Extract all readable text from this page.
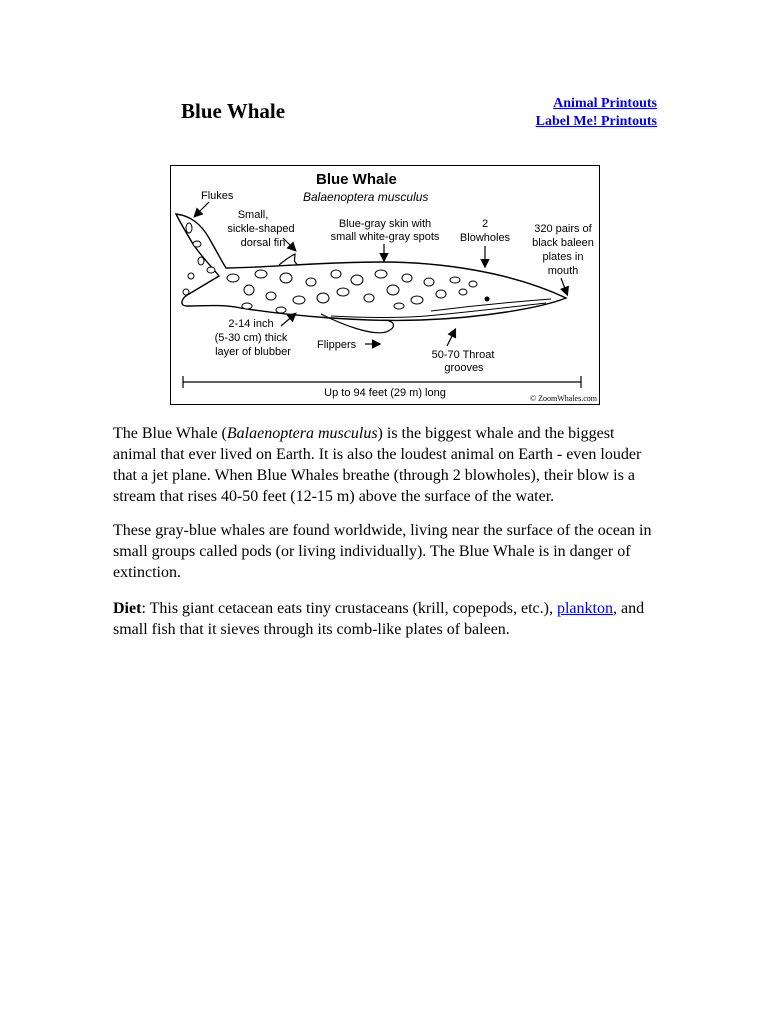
Blue Whale	Animal Printouts
Label Me! Printouts
Blue Whale
Balaenoptera musculus
Flukes
Small,
sickle-shaped
dorsal fin
Blue-gray skin with
small white-gray spots
2
Blowholes
320 pairs of
black baleen
plates in
mouth
2-14 inch
(5-30 cm) thick
layer of blubber
Flippers
50-70 Throat
grooves
Up to 94 feet (29 m) long	© ZoomWhales.com

The Blue Whale (Balaenoptera musculus) is the biggest whale and the biggest animal that ever lived on Earth. It is also the loudest animal on Earth - even louder that a jet plane. When Blue Whales breathe (through 2 blowholes), their blow is a stream that rises 40-50 feet (12-15 m) above the surface of the water.

These gray-blue whales are found worldwide, living near the surface of the ocean in small groups called pods (or living individually). The Blue Whale is in danger of extinction.

Diet: This giant cetacean eats tiny crustaceans (krill, copepods, etc.), plankton, and small fish that it sieves through its comb-like plates of baleen.
